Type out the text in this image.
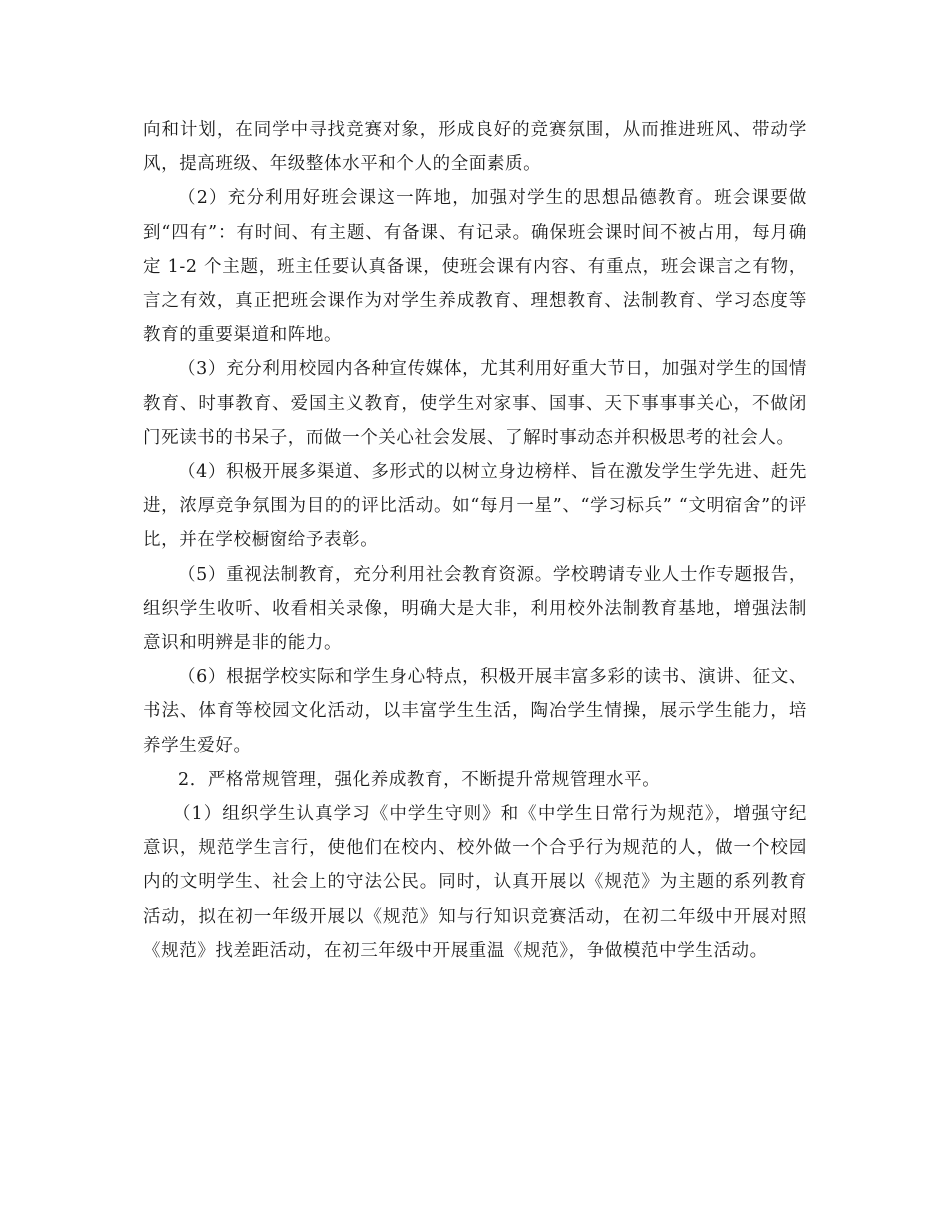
向和计划，在同学中寻找竞赛对象，形成良好的竞赛氛围，从而推进班风、带动学风，提高班级、年级整体水平和个人的全面素质。

（2）充分利用好班会课这一阵地，加强对学生的思想品德教育。班会课要做到“四有”：有时间、有主题、有备课、有记录。确保班会课时间不被占用，每月确定 1-2 个主题，班主任要认真备课，使班会课有内容、有重点，班会课言之有物，言之有效，真正把班会课作为对学生养成教育、理想教育、法制教育、学习态度等教育的重要渠道和阵地。

（3）充分利用校园内各种宣传媒体，尤其利用好重大节日，加强对学生的国情教育、时事教育、爱国主义教育，使学生对家事、国事、天下事事事关心，不做闭门死读书的书呆子，而做一个关心社会发展、了解时事动态并积极思考的社会人。

（4）积极开展多渠道、多形式的以树立身边榜样、旨在激发学生学先进、赶先进，浓厚竞争氛围为目的的评比活动。如“每月一星”、“学习标兵” “文明宿舍”的评比，并在学校橱窗给予表彰。

（5）重视法制教育，充分利用社会教育资源。学校聘请专业人士作专题报告，组织学生收听、收看相关录像，明确大是大非，利用校外法制教育基地，增强法制意识和明辨是非的能力。

（6）根据学校实际和学生身心特点，积极开展丰富多彩的读书、演讲、征文、书法、体育等校园文化活动，以丰富学生生活，陶冶学生情操，展示学生能力，培养学生爱好。

2．严格常规管理，强化养成教育，不断提升常规管理水平。

（1）组织学生认真学习《中学生守则》和《中学生日常行为规范》，增强守纪意识，规范学生言行，使他们在校内、校外做一个合乎行为规范的人，做一个校园内的文明学生、社会上的守法公民。同时，认真开展以《规范》为主题的系列教育活动，拟在初一年级开展以《规范》知与行知识竞赛活动，在初二年级中开展对照《规范》找差距活动，在初三年级中开展重温《规范》，争做模范中学生活动。
